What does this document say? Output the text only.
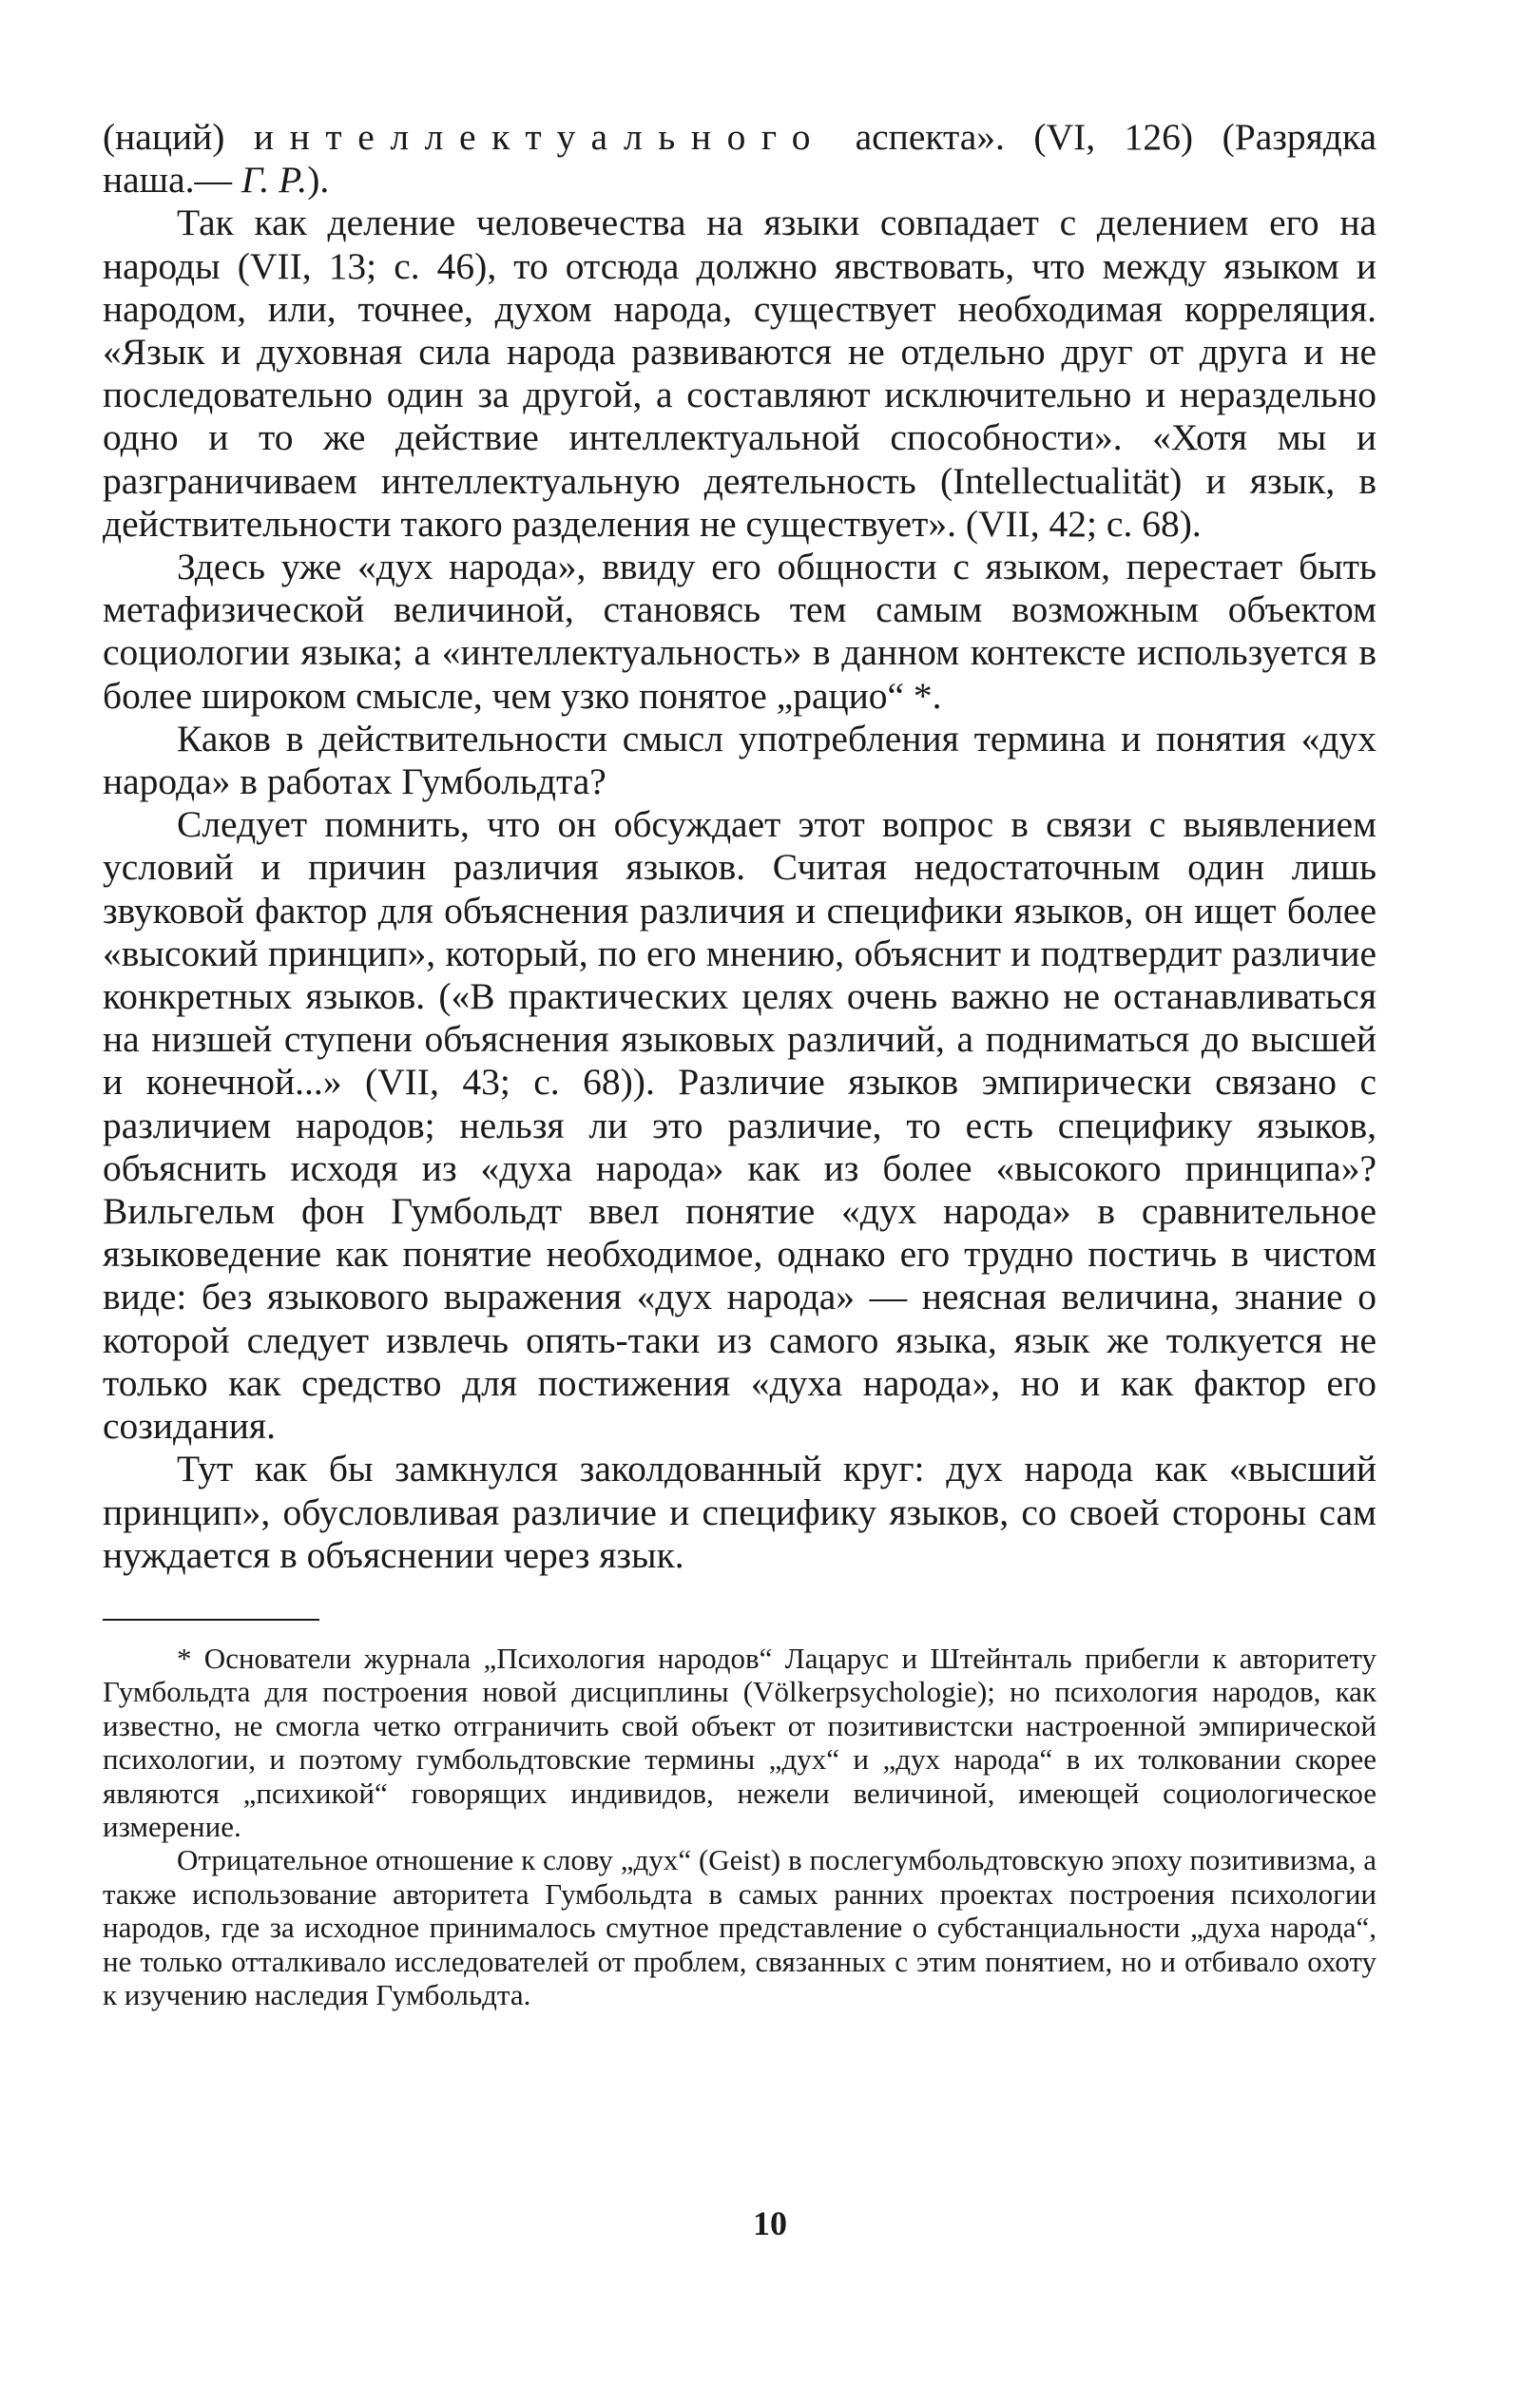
(наций) интеллектуального аспекта». (VI, 126) (Разрядка наша.— Г. Р.).

Так как деление человечества на языки совпадает с делением его на народы (VII, 13; с. 46), то отсюда должно явствовать, что между языком и народом, или, точнее, духом народа, существует необходимая корреляция. «Язык и духовная сила народа развиваются не отдельно друг от друга и не последовательно один за другой, а составляют исключительно и нераздельно одно и то же действие интеллектуальной способности». «Хотя мы и разграничиваем интеллектуальную деятельность (Intellectualität) и язык, в действительности такого разделения не существует». (VII, 42; с. 68).

Здесь уже «дух народа», ввиду его общности с языком, перестает быть метафизической величиной, становясь тем самым возможным объектом социологии языка; а «интеллектуальность» в данном контексте используется в более широком смысле, чем узко понятое „рацио“ *.

Каков в действительности смысл употребления термина и понятия «дух народа» в работах Гумбольдта?

Следует помнить, что он обсуждает этот вопрос в связи с выявлением условий и причин различия языков. Считая недостаточным один лишь звуковой фактор для объяснения различия и специфики языков, он ищет более «высокий принцип», который, по его мнению, объяснит и подтвердит различие конкретных языков. («В практических целях очень важно не останавливаться на низшей ступени объяснения языковых различий, а подниматься до высшей и конечной...» (VII, 43; с. 68)). Различие языков эмпирически связано с различием народов; нельзя ли это различие, то есть специфику языков, объяснить исходя из «духа народа» как из более «высокого принципа»? Вильгельм фон Гумбольдт ввел понятие «дух народа» в сравнительное языковедение как понятие необходимое, однако его трудно постичь в чистом виде: без языкового выражения «дух народа» — неясная величина, знание о которой следует извлечь опять-таки из самого языка, язык же толкуется не только как средство для постижения «духа народа», но и как фактор его созидания.

Тут как бы замкнулся заколдованный круг: дух народа как «высший принцип», обусловливая различие и специфику языков, со своей стороны сам нуждается в объяснении через язык.

* Основатели журнала „Психология народов“ Лацарус и Штейнталь прибегли к авторитету Гумбольдта для построения новой дисциплины (Völkerpsychologie); но психология народов, как известно, не смогла четко отграничить свой объект от позитивистски настроенной эмпирической психологии, и поэтому гумбольдтовские термины „дух“ и „дух народа“ в их толковании скорее являются „психикой“ говорящих индивидов, нежели величиной, имеющей социологическое измерение.

Отрицательное отношение к слову „дух“ (Geist) в послегумбольдтовскую эпоху позитивизма, а также использование авторитета Гумбольдта в самых ранних проектах построения психологии народов, где за исходное принималось смутное представление о субстанциальности „духа народа“, не только отталкивало исследователей от проблем, связанных с этим понятием, но и отбивало охоту к изучению наследия Гумбольдта.

10
